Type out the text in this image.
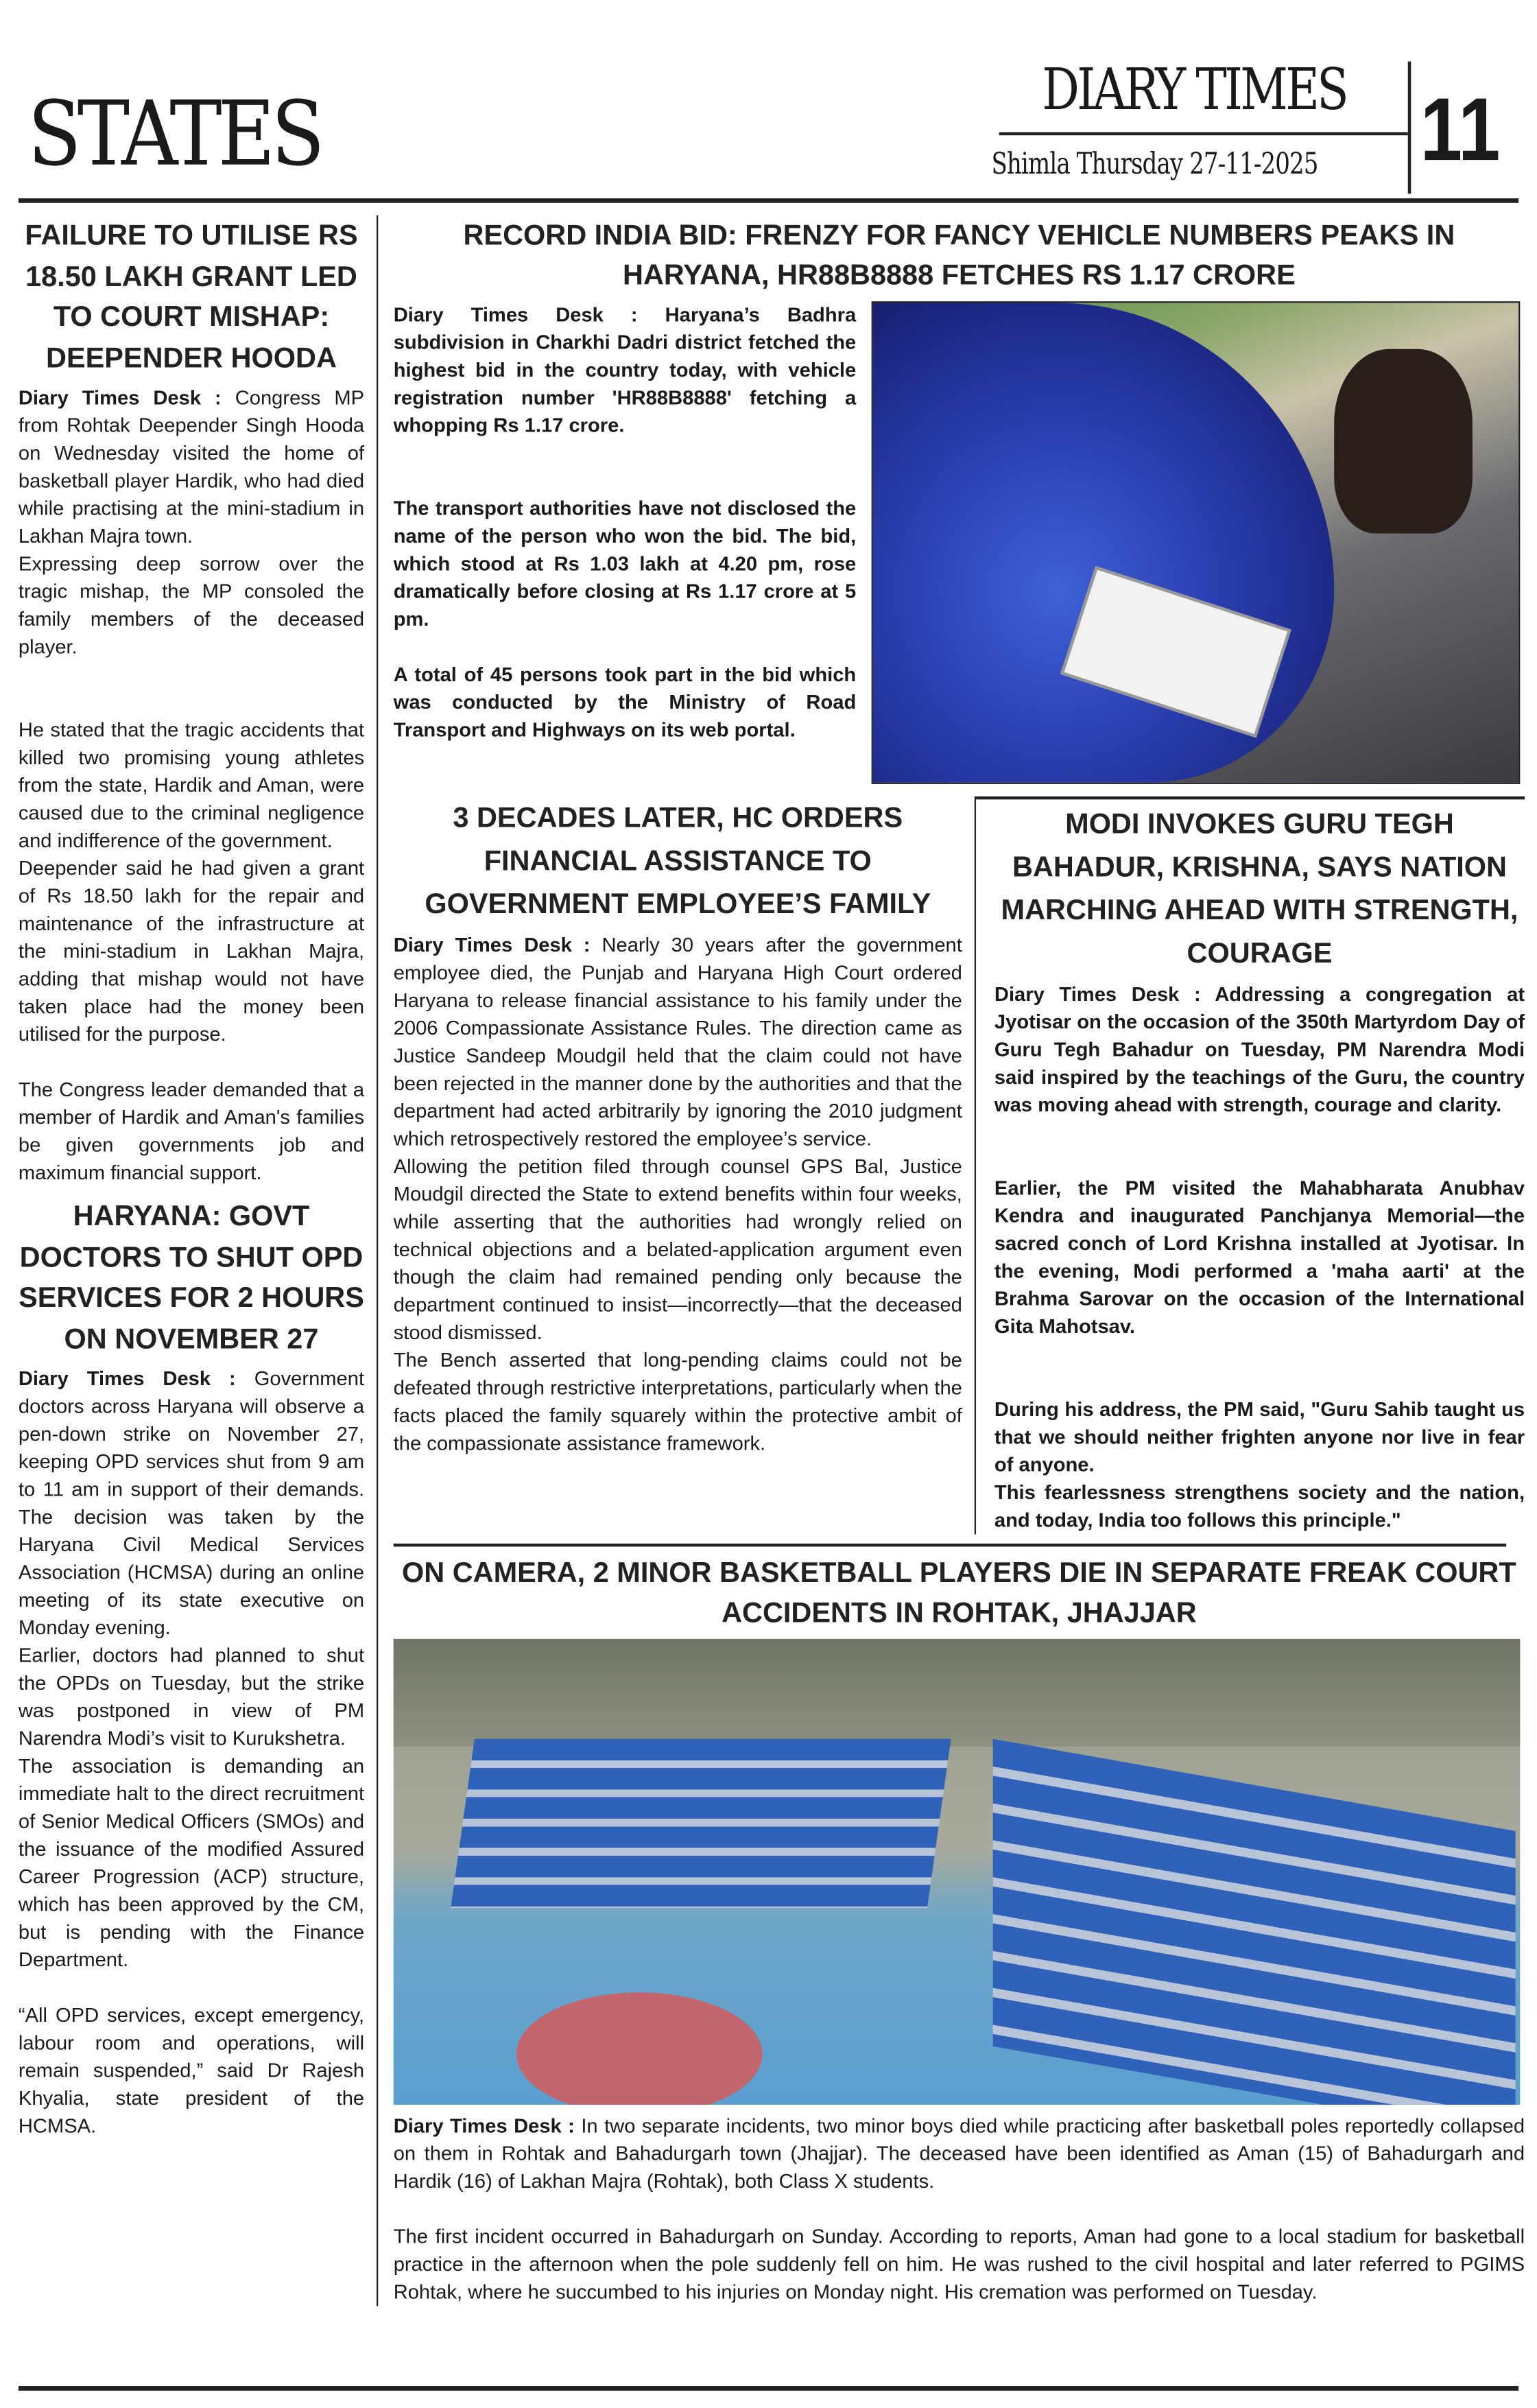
STATES	DIARY TIMES
Shimla Thursday 27-11-2025	11
FAILURE TO UTILISE RS 18.50 LAKH GRANT LED TO COURT MISHAP: DEEPENDER HOODA

Diary Times Desk : Congress MP from Rohtak Deepender Singh Hooda on Wednesday visited the home of basketball player Hardik, who had died while practising at the mini-stadium in Lakhan Majra town.

Expressing deep sorrow over the tragic mishap, the MP consoled the family members of the deceased player.

He stated that the tragic accidents that killed two promising young athletes from the state, Hardik and Aman, were caused due to the criminal negligence and indifference of the government.

Deepender said he had given a grant of Rs 18.50 lakh for the repair and maintenance of the infrastructure at the mini-stadium in Lakhan Majra, adding that mishap would not have taken place had the money been utilised for the purpose.

The Congress leader demanded that a member of Hardik and Aman's families be given governments job and maximum financial support.

HARYANA: GOVT DOCTORS TO SHUT OPD SERVICES FOR 2 HOURS ON NOVEMBER 27

Diary Times Desk : Government doctors across Haryana will observe a pen-down strike on November 27, keeping OPD services shut from 9 am to 11 am in support of their demands. The decision was taken by the Haryana Civil Medical Services Association (HCMSA) during an online meeting of its state executive on Monday evening.

Earlier, doctors had planned to shut the OPDs on Tuesday, but the strike was postponed in view of PM Narendra Modi’s visit to Kurukshetra.

The association is demanding an immediate halt to the direct recruitment of Senior Medical Officers (SMOs) and the issuance of the modified Assured Career Progression (ACP) structure, which has been approved by the CM, but is pending with the Finance Department.

“All OPD services, except emergency, labour room and operations, will remain suspended,” said Dr Rajesh Khyalia, state president of the HCMSA.

RECORD INDIA BID: FRENZY FOR FANCY VEHICLE NUMBERS PEAKS IN HARYANA, HR88B8888 FETCHES RS 1.17 CRORE

Diary Times Desk :	Haryana’s Badhra subdivision in Charkhi Dadri district fetched the highest bid in the country today, with vehicle registration number 'HR88B8888' fetching a whopping Rs 1.17 crore.

The transport authorities have not disclosed the name of the person who won the bid. The bid, which stood at Rs 1.03 lakh at 4.20 pm, rose dramatically before closing at Rs 1.17 crore at 5 pm.

A total of 45 persons took part in the bid which was conducted by the Ministry of Road Transport and Highways on its web portal.

3 DECADES LATER, HC ORDERS FINANCIAL ASSISTANCE TO GOVERNMENT EMPLOYEE’S FAMILY

Diary Times Desk : Nearly 30 years after the government employee died, the Punjab and Haryana High Court ordered Haryana to release financial assistance to his family under the 2006 Compassionate Assistance Rules. The direction came as Justice Sandeep Moudgil held that the claim could not have been rejected in the manner done by the authorities and that the department had acted arbitrarily by ignoring the 2010 judgment which retrospectively restored the employee’s service.

Allowing the petition filed through counsel GPS Bal, Justice Moudgil directed the State to extend benefits within four weeks, while asserting that the authorities had wrongly relied on technical objections and a belated-application argument even though the claim had remained pending only because the department continued to insist—incorrectly—that the deceased stood dismissed.

The Bench asserted that long-pending claims could not be defeated through restrictive interpretations, particularly when the facts placed the family squarely within the protective ambit of the compassionate assistance framework.

MODI INVOKES GURU TEGH BAHADUR, KRISHNA, SAYS NATION MARCHING AHEAD WITH STRENGTH, COURAGE

Diary Times Desk : Addressing a congregation at Jyotisar on the occasion of the 350th Martyrdom Day of Guru Tegh Bahadur on Tuesday, PM Narendra Modi said inspired by the teachings of the Guru, the country was moving ahead with strength, courage and clarity.

Earlier, the PM visited the Mahabharata Anubhav Kendra and inaugurated Panchjanya Memorial—the sacred conch of Lord Krishna installed at Jyotisar. In the evening, Modi performed a 'maha aarti' at the Brahma Sarovar on the occasion of the International Gita Mahotsav.

During his address, the PM said, "Guru Sahib taught us that we should neither frighten anyone nor live in fear of anyone.

This fearlessness strengthens society and the nation, and today, India too follows this principle."

ON CAMERA, 2 MINOR BASKETBALL PLAYERS DIE IN SEPARATE FREAK COURT ACCIDENTS IN ROHTAK, JHAJJAR

Diary Times Desk : In two separate incidents, two minor boys died while practicing after basketball poles reportedly collapsed on them in Rohtak and Bahadurgarh town (Jhajjar). The deceased have been identified as Aman (15) of Bahadurgarh and Hardik (16) of Lakhan Majra (Rohtak), both Class X students.

The first incident occurred in Bahadurgarh on Sunday. According to reports, Aman had gone to a local stadium for basketball practice in the afternoon when the pole suddenly fell on him. He was rushed to the civil hospital and later referred to PGIMS Rohtak, where he succumbed to his injuries on Monday night. His cremation was performed on Tuesday.
